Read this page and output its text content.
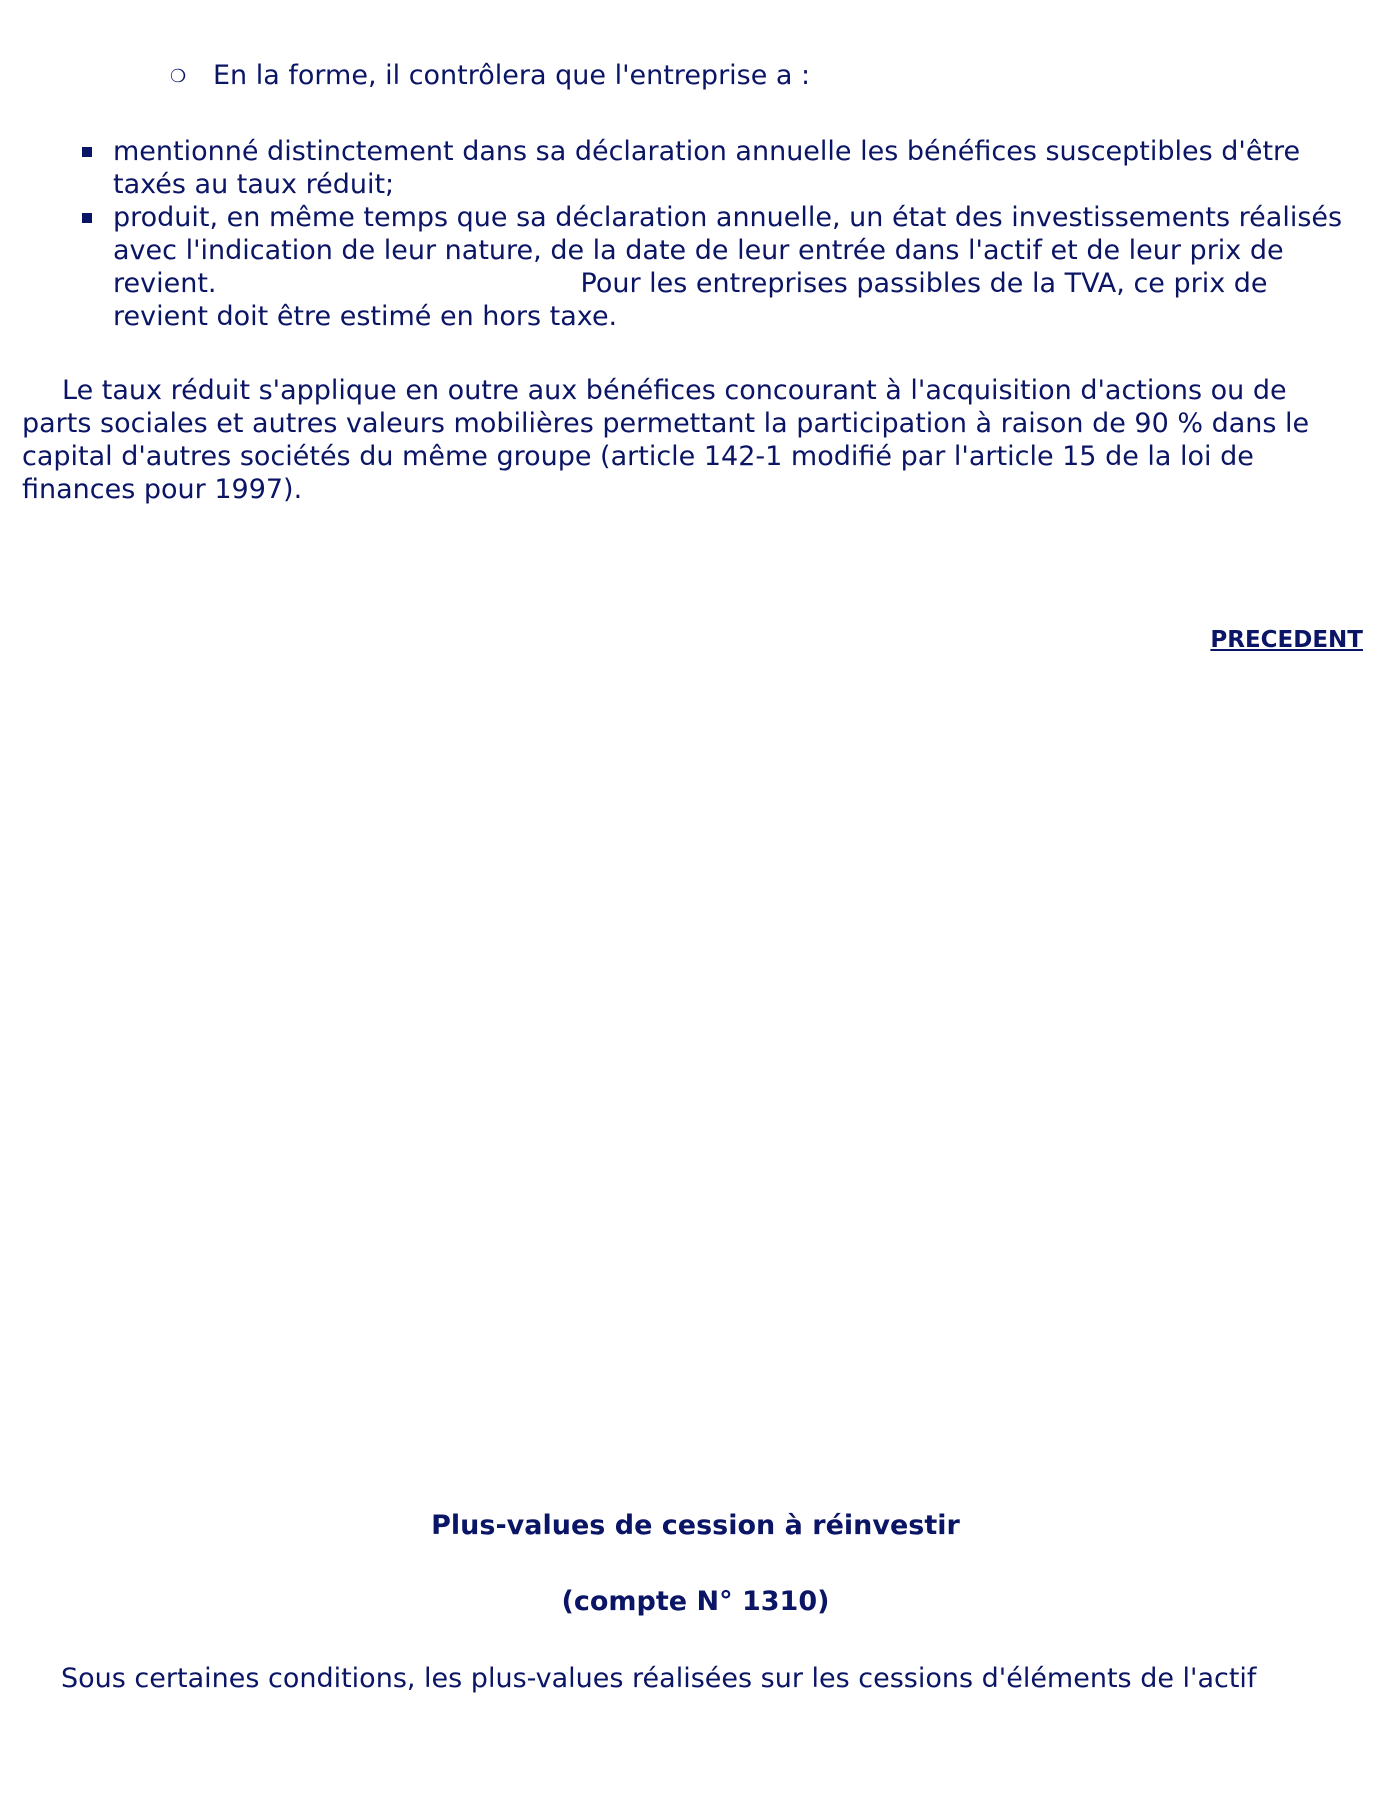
❍ En la forme, il contrôlera que l'entreprise a :

mentionné distinctement dans sa déclaration annuelle les bénéfices susceptibles d'être taxés au taux réduit;
produit, en même temps que sa déclaration annuelle, un état des investissements réalisés avec l'indication de leur nature, de la date de leur entrée dans l'actif et de leur prix de revient.	Pour les entreprises passibles de la TVA, ce prix de revient doit être estimé en hors taxe.

Le taux réduit s'applique en outre aux bénéfices concourant à l'acquisition d'actions ou de parts sociales et autres valeurs mobilières permettant la participation à raison de 90 % dans le capital d'autres sociétés du même groupe (article 142-1 modifié par l'article 15 de la loi de finances pour 1997).

PRECEDENT

Plus-values de cession à réinvestir

(compte N° 1310)

Sous certaines conditions, les plus-values réalisées sur les cessions d'éléments de l'actif
